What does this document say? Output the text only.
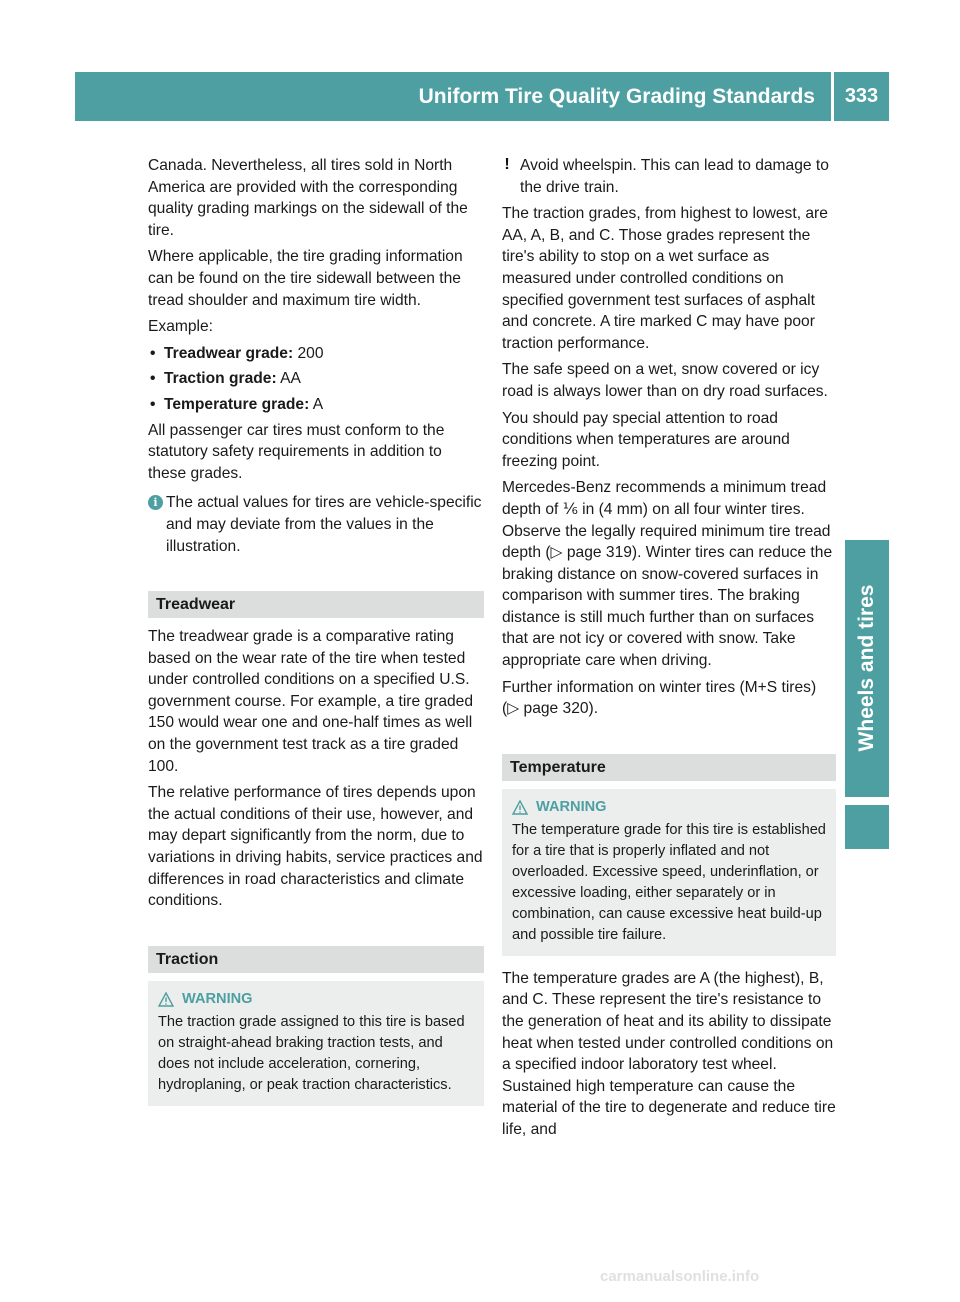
Uniform Tire Quality Grading Standards	333
Wheels and tires

Canada. Nevertheless, all tires sold in North America are provided with the corresponding quality grading markings on the sidewall of the tire.

Where applicable, the tire grading information can be found on the tire sidewall between the tread shoulder and maximum tire width.

Example:

• Treadwear grade: 200
• Traction grade: AA
• Temperature grade: A

All passenger car tires must conform to the statutory safety requirements in addition to these grades.

i The actual values for tires are vehicle-specific and may deviate from the values in the illustration.
Treadwear

The treadwear grade is a comparative rating based on the wear rate of the tire when tested under controlled conditions on a specified U.S. government course. For example, a tire graded 150 would wear one and one-half times as well on the government test track as a tire graded 100.

The relative performance of tires depends upon the actual conditions of their use, however, and may depart significantly from the norm, due to variations in driving habits, service practices and differences in road characteristics and climate conditions.

Traction
WARNING
The traction grade assigned to this tire is based on straight-ahead braking traction tests, and does not include acceleration, cornering, hydroplaning, or peak traction characteristics.
! Avoid wheelspin. This can lead to damage to the drive train.

The traction grades, from highest to lowest, are AA, A, B, and C. Those grades represent the tire's ability to stop on a wet surface as measured under controlled conditions on specified government test surfaces of asphalt and concrete. A tire marked C may have poor traction performance.

The safe speed on a wet, snow covered or icy road is always lower than on dry road surfaces.

You should pay special attention to road conditions when temperatures are around freezing point.

Mercedes-Benz recommends a minimum tread depth of ⅙ in (4 mm) on all four winter tires. Observe the legally required minimum tire tread depth (▷ page 319). Winter tires can reduce the braking distance on snow-covered surfaces in comparison with summer tires. The braking distance is still much further than on surfaces that are not icy or covered with snow. Take appropriate care when driving.

Further information on winter tires (M+S tires) (▷ page 320).

Temperature
WARNING
The temperature grade for this tire is established for a tire that is properly inflated and not overloaded. Excessive speed, underinflation, or excessive loading, either separately or in combination, can cause excessive heat build-up and possible tire failure.

The temperature grades are A (the highest), B, and C. These represent the tire's resistance to the generation of heat and its ability to dissipate heat when tested under controlled conditions on a specified indoor laboratory test wheel. Sustained high temperature can cause the material of the tire to degenerate and reduce tire life, and

carmanualsonline.info
